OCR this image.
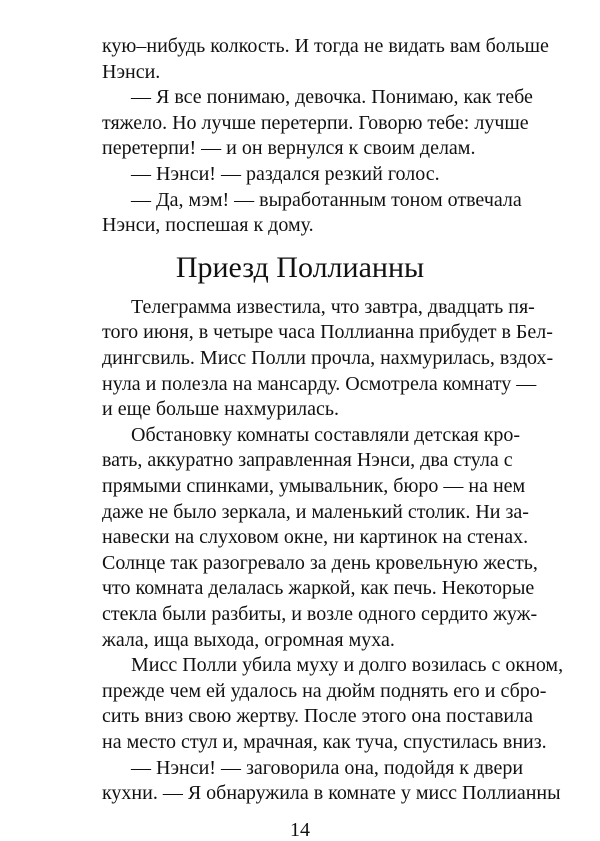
кую–нибудь колкость. И тогда не видать вам больше

Нэнси.

— Я все понимаю, девочка. Понимаю, как тебе

тяжело. Но лучше перетерпи. Говорю тебе: лучше

перетерпи! — и он вернулся к своим делам.

— Нэнси! — раздался резкий голос.

— Да, мэм! — выработанным тоном отвечала

Нэнси, поспешая к дому.

Приезд Поллианны

Телеграмма известила, что завтра, двадцать пя-

того июня, в четыре часа Поллианна прибудет в Бел-

дингсвиль. Мисс Полли прочла, нахмурилась, вздох-

нула и полезла на мансарду. Осмотрела комнату —

и еще больше нахмурилась.

Обстановку комнаты составляли детская кро-

вать, аккуратно заправленная Нэнси, два стула с

прямыми спинками, умывальник, бюро — на нем

даже не было зеркала, и маленький столик. Ни за-

навески на слуховом окне, ни картинок на стенах.

Солнце так разогревало за день кровельную жесть,

что комната делалась жаркой, как печь. Некоторые

стекла были разбиты, и возле одного сердито жуж-

жала, ища выхода, огромная муха.

Мисс Полли убила муху и долго возилась с окном,

прежде чем ей удалось на дюйм поднять его и сбро-

сить вниз свою жертву. После этого она поставила

на место стул и, мрачная, как туча, спустилась вниз.

— Нэнси! — заговорила она, подойдя к двери

кухни. — Я обнаружила в комнате у мисс Поллианны

14
